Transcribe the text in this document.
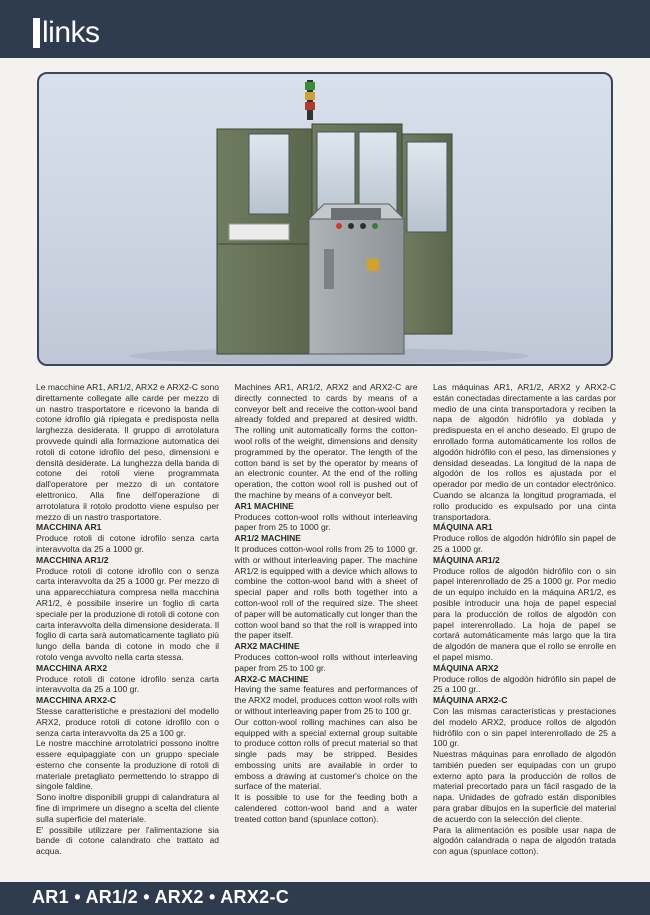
links

Le macchine AR1, AR1/2, ARX2 e ARX2-C sono direttamente collegate alle carde per mezzo di un nastro trasportatore e ricevono la banda di cotone idrofilo già ripiegata e predisposta nella larghezza desiderata. Il gruppo di arrotolatura provvede quindi alla formazione automatica dei rotoli di cotone idrofilo del peso, dimensioni e densità desiderate. La lunghezza della banda di cotone dei rotoli viene programmata dall'operatore per mezzo di un contatore elettronico. Alla fine dell'operazione di arrotolatura il rotolo prodotto viene espulso per mezzo di un nastro trasportatore.

MACCHINA AR1

Produce rotoli di cotone idrofilo senza carta interavvolta da 25 a 1000 gr.

MACCHINA AR1/2

Produce rotoli di cotone idrofilo con o senza carta interavvolta da 25 a 1000 gr. Per mezzo di una apparecchiatura compresa nella macchina AR1/2, è possibile inserire un foglio di carta speciale per la produzione di rotoli di cotone con carta interavvolta della dimensione desiderata. Il foglio di carta sarà automaticamente tagliato più lungo della banda di cotone in modo che il rotolo venga avvolto nella carta stessa.

MACCHINA ARX2

Produce rotoli di cotone idrofilo senza carta interavvolta da 25 a 100 gr.

MACCHINA ARX2-C

Stesse caratteristiche e prestazioni del modello ARX2, produce rotoli di cotone idrofilo con o senza carta interavvolta da 25 a 100 gr.

Le nostre macchine arrotolatrici possono inoltre essere equipaggiate con un gruppo speciale esterno che consente la produzione di rotoli di materiale pretagliato permettendo lo strappo di singole faldine.

Sono inoltre disponibili gruppi di calandratura al fine di imprimere un disegno a scelta del cliente sulla superficie del materiale.

E' possibile utilizzare per l'alimentazione sia bande di cotone calandrato che trattato ad acqua.

Machines AR1, AR1/2, ARX2 and ARX2-C are directly connected to cards by means of a conveyor belt and receive the cotton-wool band already folded and prepared at desired width. The rolling unit automatically forms the cotton-wool rolls of the weight, dimensions and density programmed by the operator. The length of the cotton band is set by the operator by means of an electronic counter. At the end of the rolling operation, the cotton wool roll is pushed out of the machine by means of a conveyor belt.

AR1 MACHINE

Produces cotton-wool rolls without interleaving paper from 25 to 1000 gr.

AR1/2 MACHINE

It produces cotton-wool rolls from 25 to 1000 gr. with or without interleaving paper. The machine AR1/2 is equipped with a device which allows to combine the cotton-wool band with a sheet of special paper and rolls both together into a cotton-wool roll of the required size. The sheet of paper will be automatically cut longer than the cotton wool band so that the roll is wrapped into the paper itself.

ARX2 MACHINE

Produces cotton-wool rolls without interleaving paper from 25 to 100 gr.

ARX2-C MACHINE

Having the same features and performances of the ARX2 model, produces cotton wool rolls with or without interleaving paper from 25 to 100 gr.

Our cotton-wool rolling machines can also be equipped with a special external group suitable to produce cotton rolls of precut material so that single pads may be stripped. Besides embossing units are available in order to emboss a drawing at customer's choice on the surface of the material.

It is possible to use for the feeding both a calendered cotton-wool band and a water treated cotton band (spunlace cotton).

Las máquinas AR1, AR1/2, ARX2 y ARX2-C están conectadas directamente a las cardas por medio de una cinta transportadora y reciben la napa de algodón hidrófilo ya doblada y predispuesta en el ancho deseado. El grupo de enrollado forma automáticamente los rollos de algodón hidrófilo con el peso, las dimensiones y densidad deseadas. La longitud de la napa de algodón de los rollos es ajustada por el operador por medio de un contador electrónico. Cuando se alcanza la longitud programada, el rollo producido es expulsado por una cinta transportadora.

MÁQUINA AR1

Produce rollos de algodón hidrófilo sin papel de 25 a 1000 gr.

MÁQUINA AR1/2

Produce rollos de algodón hidrófilo con o sin papel interenrollado de 25 a 1000 gr. Por medio de un equipo incluido en la máquina AR1/2, es posible introducir una hoja de papel especial para la producción de rollos de algodón con papel interenrollado. La hoja de papel se cortará automáticamente más largo que la tira de algodón de manera que el rollo se enrolle en el papel mismo.

MÁQUINA ARX2

Produce rollos de algodón hidrófilo sin papel de 25 a 100 gr..

MÁQUINA ARX2-C

Con las mismas características y prestaciones del modelo ARX2, produce rollos de algodón hidrófilo con o sin papel interenrollado de 25 a 100 gr.

Nuestras máquinas para enrollado de algodón también pueden ser equipadas con un grupo externo apto para la producción de rollos de material precortado para un fácil rasgado de la napa. Unidades de gofrado están disponibles para grabar dibujos en la superficie del material de acuerdo con la selección del cliente.

Para la alimentación es posible usar napa de algodón calandrada o napa de algodón tratada con agua (spunlace cotton).

AR1 • AR1/2 • ARX2 • ARX2-C
